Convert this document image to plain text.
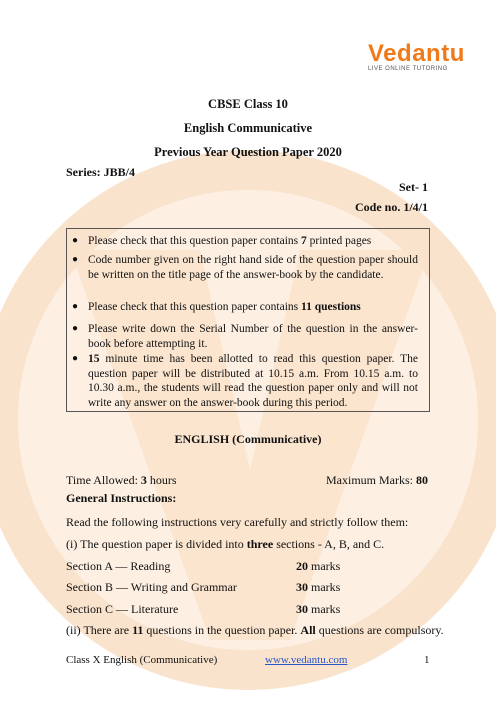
Vedantu
LIVE ONLINE TUTORING
CBSE Class 10
English Communicative
Previous Year Question Paper 2020
Series: JBB/4
Set- 1
Code no. 1/4/1
● Please check that this question paper contains 7 printed pages
● Code number given on the right hand side of the question paper should be written on the title page of the answer-book by the candidate.
● Please check that this question paper contains 11 questions
● Please write down the Serial Number of the question in the answer-book before attempting it.
● 15 minute time has been allotted to read this question paper. The question paper will be distributed at 10.15 a.m. From 10.15 a.m. to 10.30 a.m., the students will read the question paper only and will not write any answer on the answer-book during this period.
ENGLISH (Communicative)
Time Allowed: 3 hours	Maximum Marks: 80
General Instructions:
Read the following instructions very carefully and strictly follow them:
(i) The question paper is divided into three sections - A, B, and C.
Section A — Reading	20 marks
Section B — Writing and Grammar	30 marks
Section C — Literature	30 marks
(ii) There are 11 questions in the question paper. All questions are compulsory.
Class X English (Communicative)	www.vedantu.com	1
